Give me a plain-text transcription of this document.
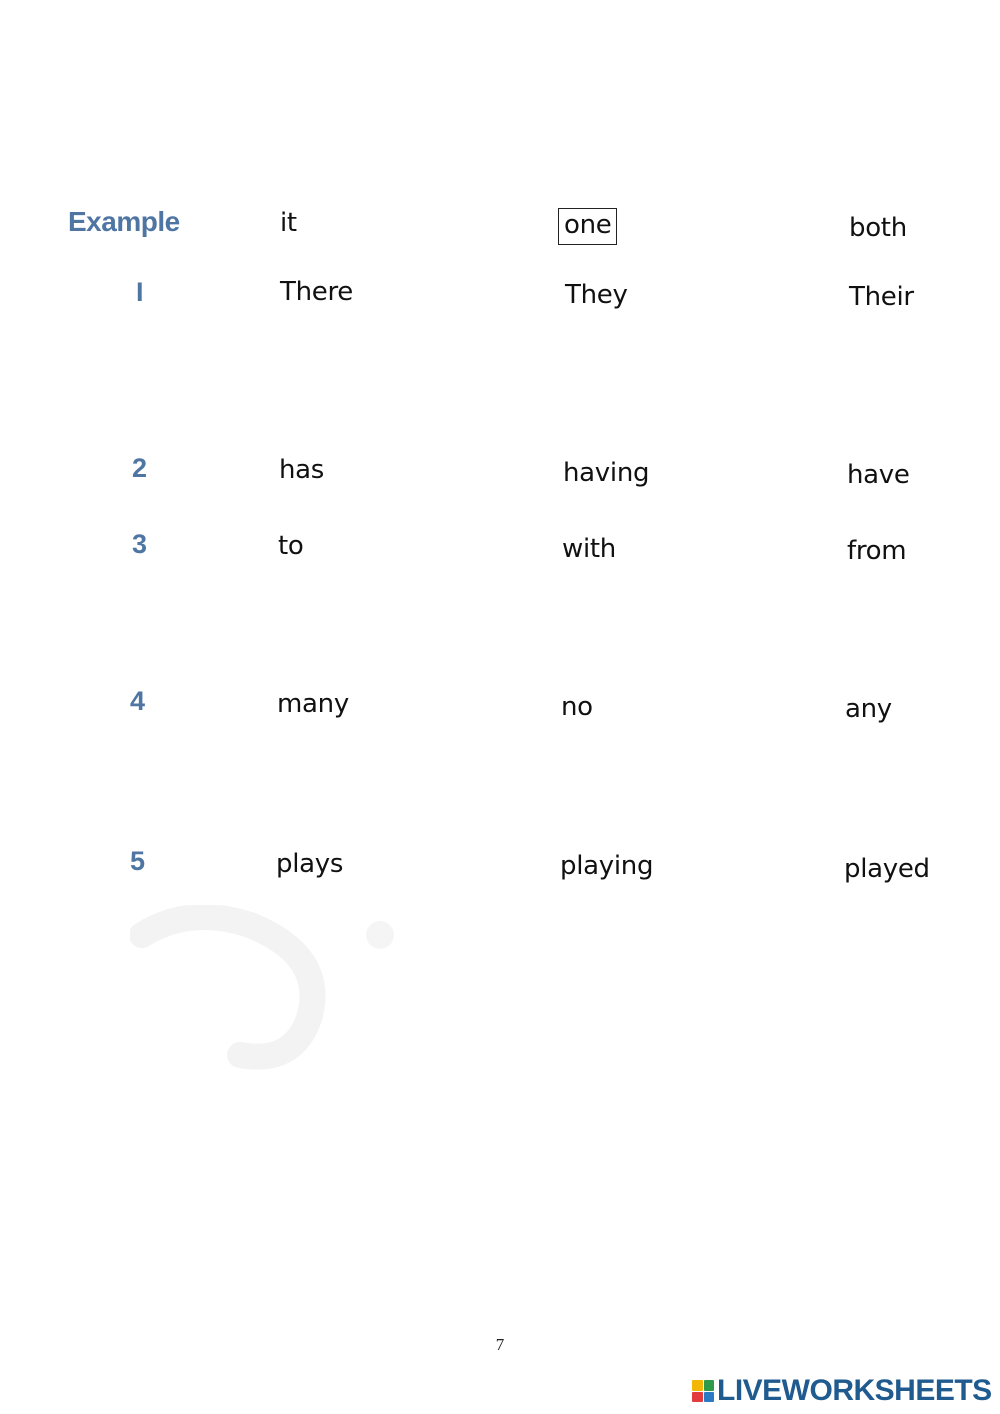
Example	it	one	both
I	There	They	Their
2	has	having	have
3	to	with	from
4	many	no	any
5	plays	playing	played
7
LIVEWORKSHEETS
